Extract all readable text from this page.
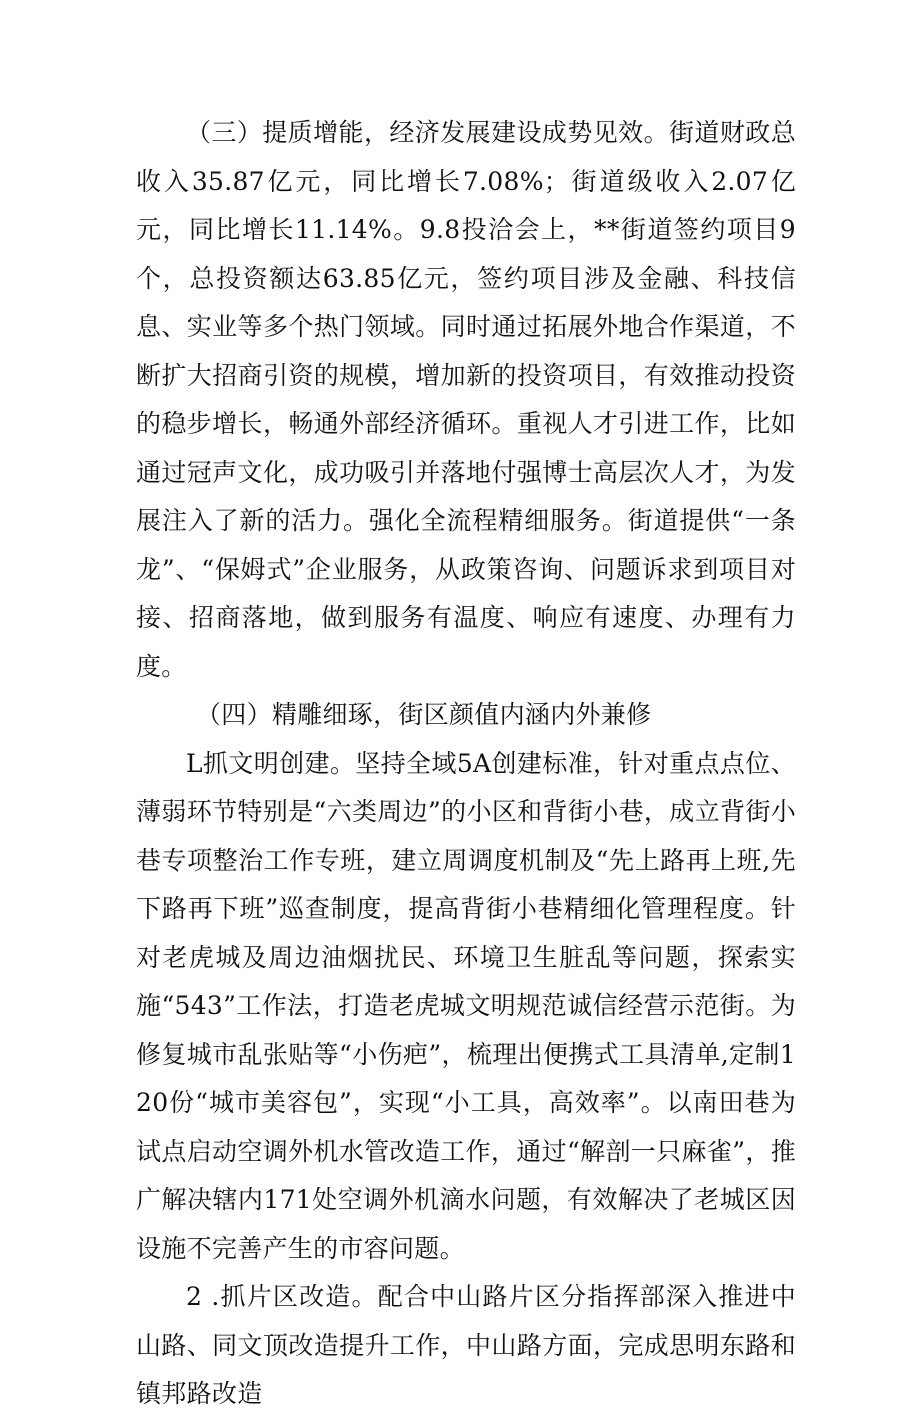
（三）提质增能，经济发展建设成势见效。街道财政总收入35.87亿元，同比增长7.08%；街道级收入2.07亿元，同比增长11.14%。9.8投洽会上，**街道签约项目9个，总投资额达63.85亿元，签约项目涉及金融、科技信息、实业等多个热门领域。同时通过拓展外地合作渠道，不断扩大招商引资的规模，增加新的投资项目，有效推动投资的稳步增长，畅通外部经济循环。重视人才引进工作，比如通过冠声文化，成功吸引并落地付强博士高层次人才，为发展注入了新的活力。强化全流程精细服务。街道提供“一条龙”、“保姆式”企业服务，从政策咨询、问题诉求到项目对接、招商落地，做到服务有温度、响应有速度、办理有力度。

（四）精雕细琢，街区颜值内涵内外兼修

L抓文明创建。坚持全域5A创建标准，针对重点点位、薄弱环节特别是“六类周边”的小区和背街小巷，成立背街小巷专项整治工作专班，建立周调度机制及“先上路再上班,先下路再下班”巡查制度，提高背街小巷精细化管理程度。针对老虎城及周边油烟扰民、环境卫生脏乱等问题，探索实施“543”工作法，打造老虎城文明规范诚信经营示范街。为修复城市乱张贴等“小伤疤”，梳理出便携式工具清单,定制120份“城市美容包”，实现“小工具，高效率”。以南田巷为试点启动空调外机水管改造工作，通过“解剖一只麻雀”，推广解决辖内171处空调外机滴水问题，有效解决了老城区因设施不完善产生的市容问题。

2 .抓片区改造。配合中山路片区分指挥部深入推进中山路、同文顶改造提升工作，中山路方面，完成思明东路和镇邦路改造
